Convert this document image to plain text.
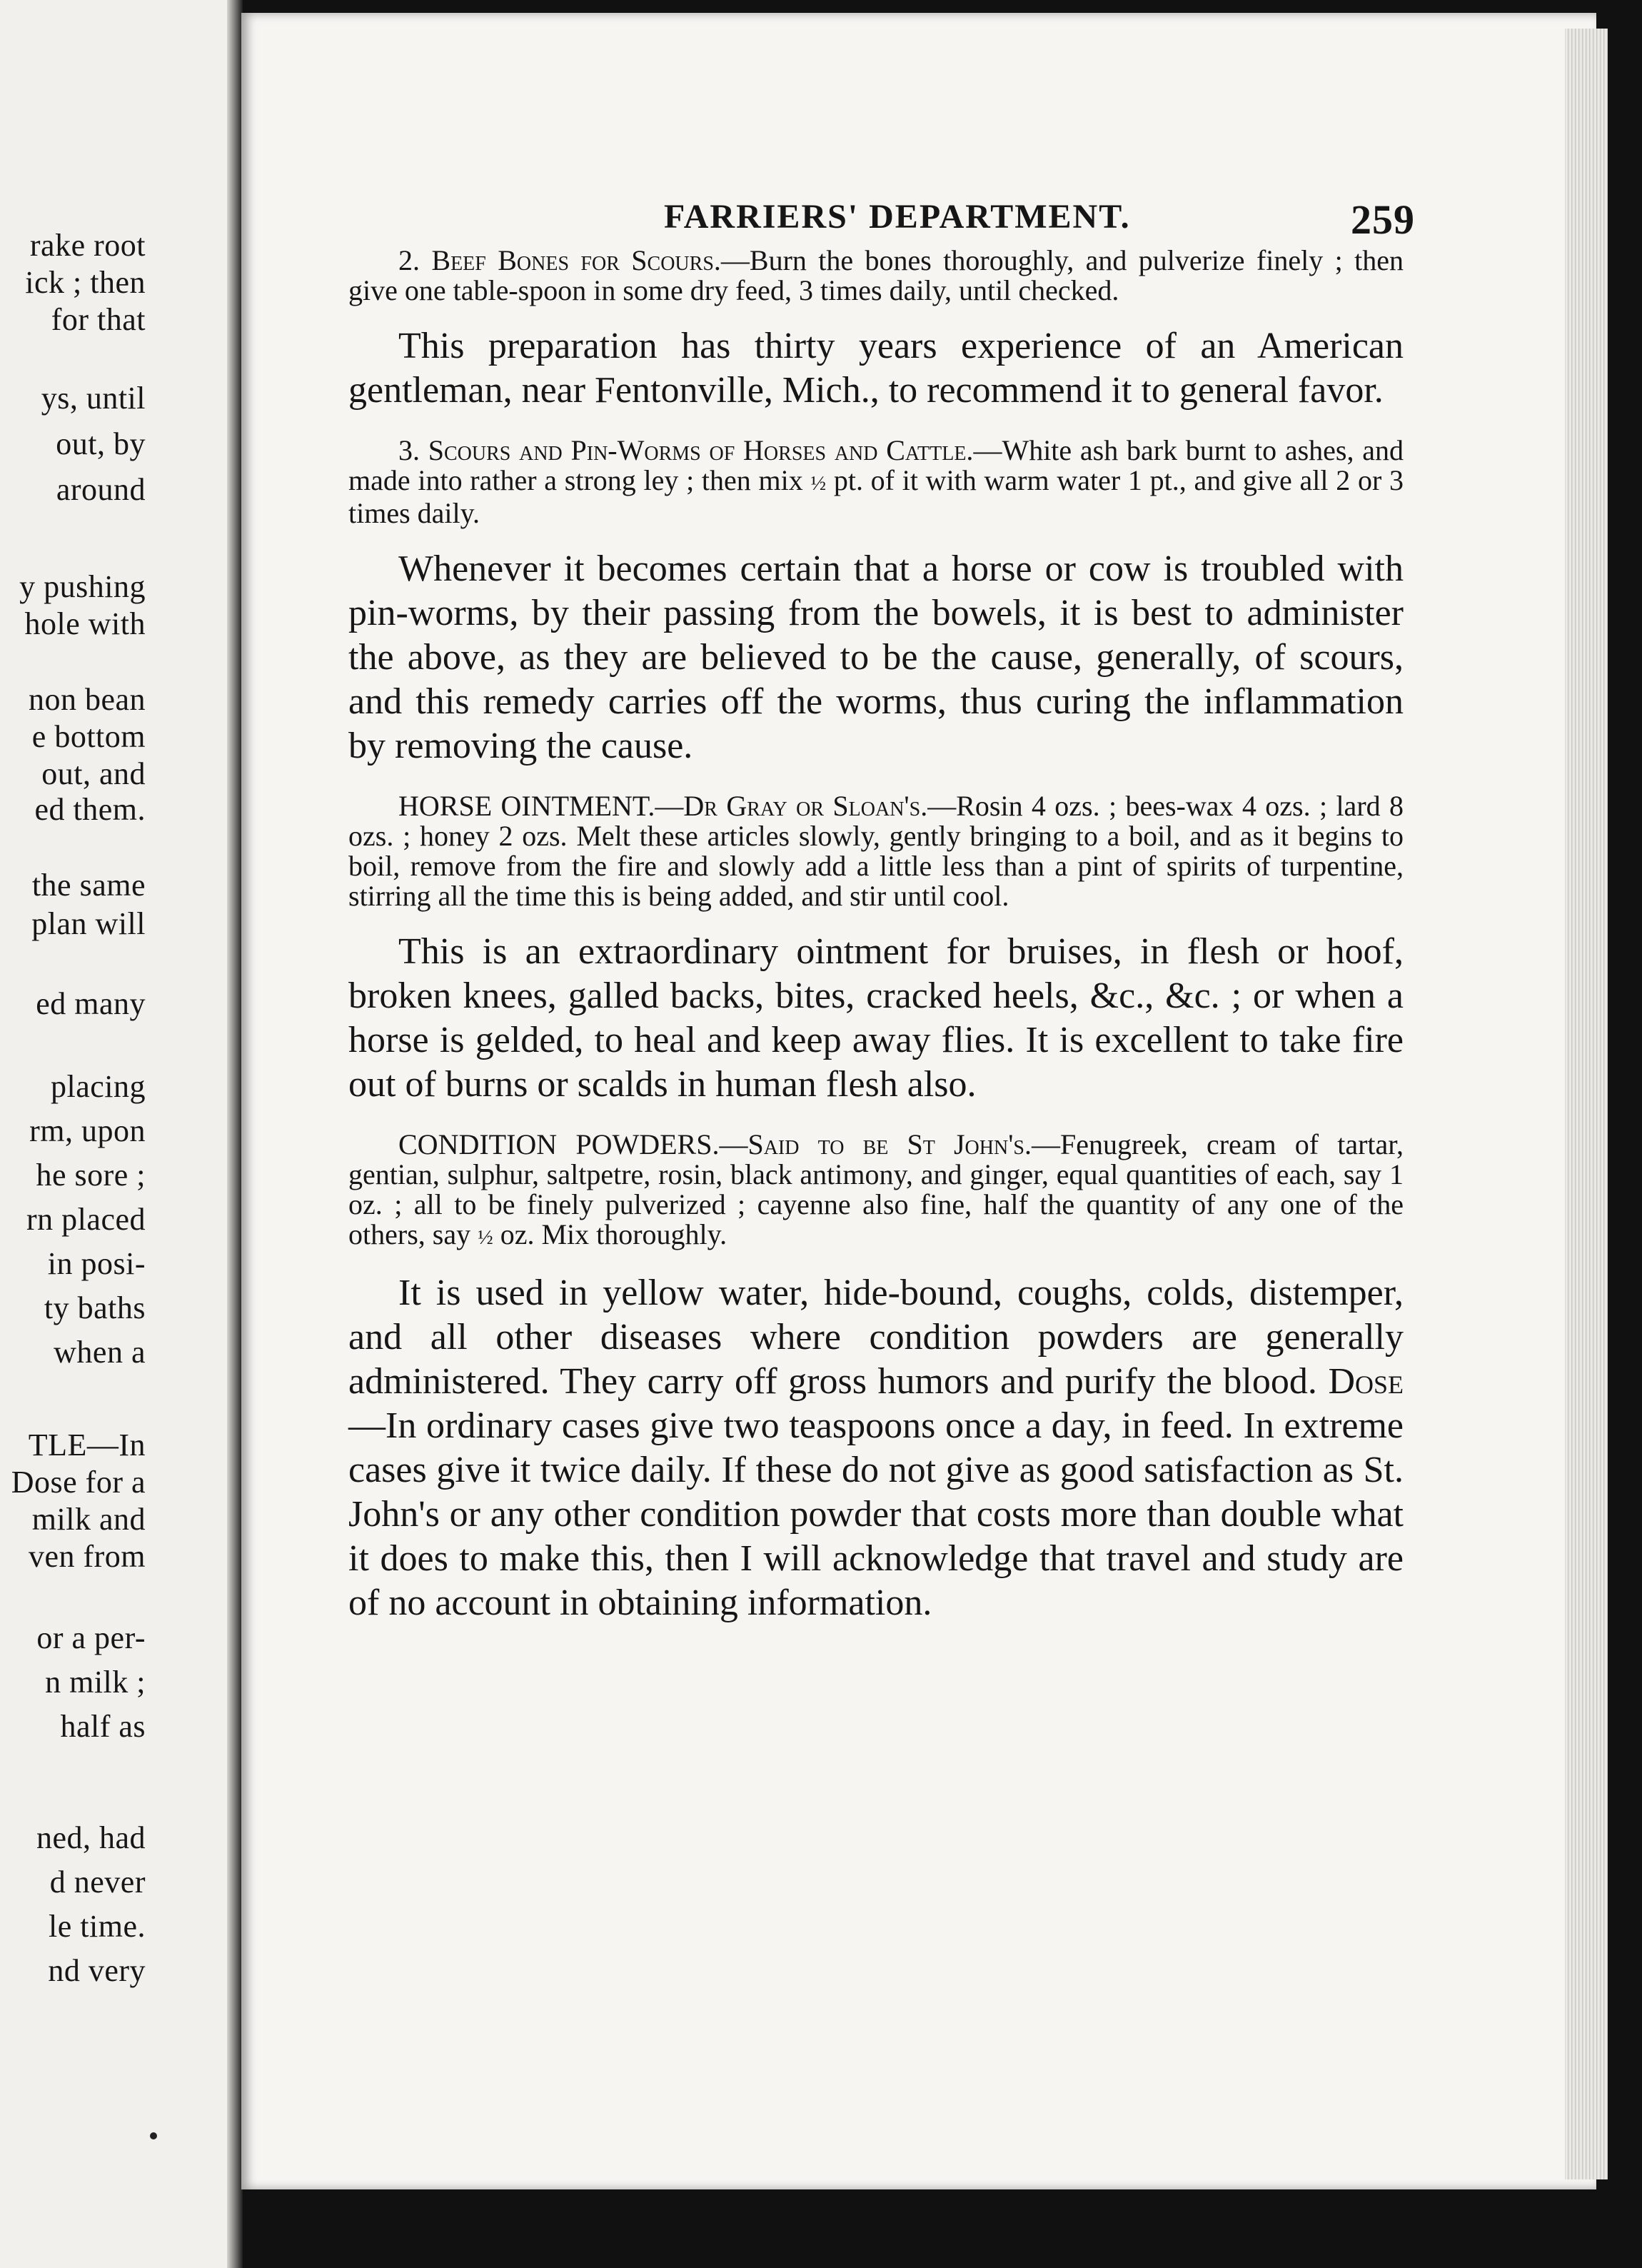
rake root
ick ; then
for that
ys, until
out, by
around
y pushing
hole with
non bean
e bottom
out, and
ed them.
the same
plan will
ed many
placing
rm, upon
he sore ;
rn placed
in posi-
ty baths
when a
TLE—In
Dose for a
milk and
ven from
or a per-
n milk ;
half as
ned, had
d never
le time.
nd very
FARRIERS' DEPARTMENT.	259

2. Beef Bones for Scours.—Burn the bones thoroughly, and pulverize finely ; then give one table-spoon in some dry feed, 3 times daily, until checked.

This preparation has thirty years experience of an American gentleman, near Fentonville, Mich., to recommend it to general favor.

3. Scours and Pin-Worms of Horses and Cattle.—White ash bark burnt to ashes, and made into rather a strong ley ; then mix ½ pt. of it with warm water 1 pt., and give all 2 or 3 times daily.

Whenever it becomes certain that a horse or cow is troubled with pin-worms, by their passing from the bowels, it is best to administer the above, as they are believed to be the cause, generally, of scours, and this remedy carries off the worms, thus curing the inflammation by removing the cause.

HORSE OINTMENT.—Dr Gray or Sloan's.—Rosin 4 ozs. ; bees-wax 4 ozs. ; lard 8 ozs. ; honey 2 ozs. Melt these articles slowly, gently bringing to a boil, and as it begins to boil, remove from the fire and slowly add a little less than a pint of spirits of turpentine, stirring all the time this is being added, and stir until cool.

This is an extraordinary ointment for bruises, in flesh or hoof, broken knees, galled backs, bites, cracked heels, &c., &c. ; or when a horse is gelded, to heal and keep away flies. It is excellent to take fire out of burns or scalds in human flesh also.

CONDITION POWDERS.—Said to be St John's.—Fenugreek, cream of tartar, gentian, sulphur, saltpetre, rosin, black antimony, and ginger, equal quantities of each, say 1 oz. ; all to be finely pulverized ; cayenne also fine, half the quantity of any one of the others, say ½ oz. Mix thoroughly.

It is used in yellow water, hide-bound, coughs, colds, distemper, and all other diseases where condition powders are generally administered. They carry off gross humors and purify the blood. Dose—In ordinary cases give two teaspoons once a day, in feed. In extreme cases give it twice daily. If these do not give as good satisfaction as St. John's or any other condition powder that costs more than double what it does to make this, then I will acknowledge that travel and study are of no account in obtaining information.
